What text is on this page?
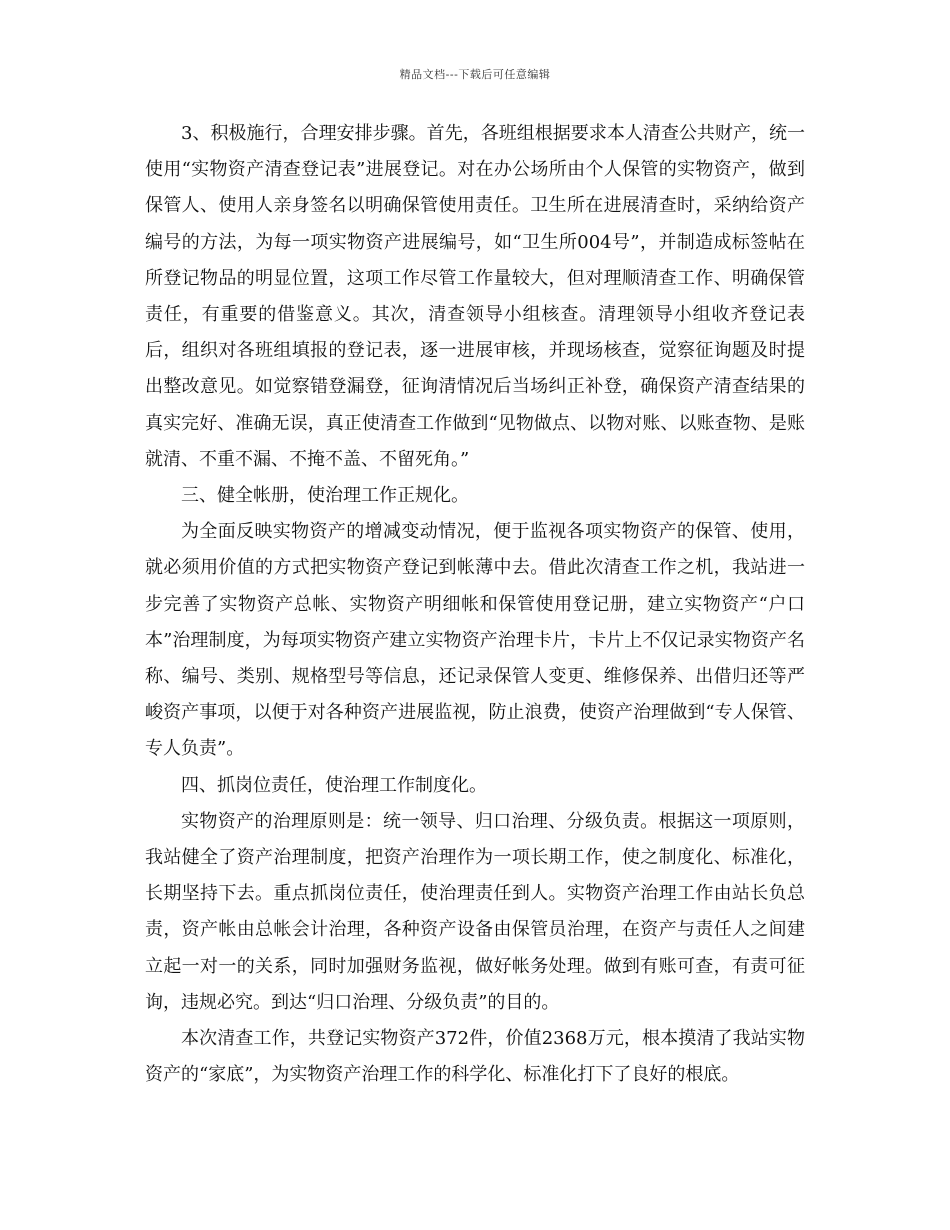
精品文档---下载后可任意编辑

3、积极施行，合理安排步骤。首先，各班组根据要求本人清查公共财产，统一使用“实物资产清查登记表”进展登记。对在办公场所由个人保管的实物资产，做到保管人、使用人亲身签名以明确保管使用责任。卫生所在进展清查时，采纳给资产编号的方法，为每一项实物资产进展编号，如“卫生所004号”，并制造成标签帖在所登记物品的明显位置，这项工作尽管工作量较大，但对理顺清查工作、明确保管责任，有重要的借鉴意义。其次，清查领导小组核查。清理领导小组收齐登记表后，组织对各班组填报的登记表，逐一进展审核，并现场核查，觉察征询题及时提出整改意见。如觉察错登漏登，征询清情况后当场纠正补登，确保资产清查结果的真实完好、准确无误，真正使清查工作做到“见物做点、以物对账、以账查物、是账就清、不重不漏、不掩不盖、不留死角。”

三、健全帐册，使治理工作正规化。

为全面反映实物资产的增减变动情况，便于监视各项实物资产的保管、使用，就必须用价值的方式把实物资产登记到帐薄中去。借此次清查工作之机，我站进一步完善了实物资产总帐、实物资产明细帐和保管使用登记册，建立实物资产“户口本”治理制度，为每项实物资产建立实物资产治理卡片，卡片上不仅记录实物资产名称、编号、类别、规格型号等信息，还记录保管人变更、维修保养、出借归还等严峻资产事项，以便于对各种资产进展监视，防止浪费，使资产治理做到“专人保管、专人负责”。

四、抓岗位责任，使治理工作制度化。

实物资产的治理原则是：统一领导、归口治理、分级负责。根据这一项原则，我站健全了资产治理制度，把资产治理作为一项长期工作，使之制度化、标准化，长期坚持下去。重点抓岗位责任，使治理责任到人。实物资产治理工作由站长负总责，资产帐由总帐会计治理，各种资产设备由保管员治理，在资产与责任人之间建立起一对一的关系，同时加强财务监视，做好帐务处理。做到有账可查，有责可征询，违规必究。到达“归口治理、分级负责”的目的。

本次清查工作，共登记实物资产372件，价值2368万元，根本摸清了我站实物资产的“家底”，为实物资产治理工作的科学化、标准化打下了良好的根底。
